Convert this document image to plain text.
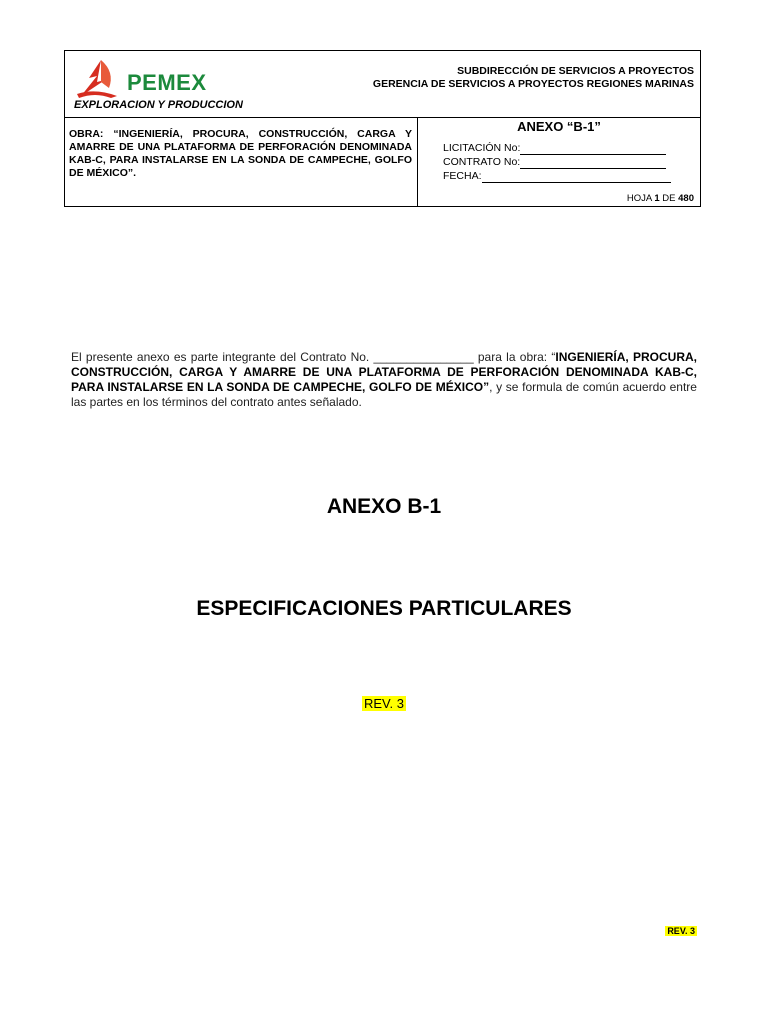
PEMEX
EXPLORACION Y PRODUCCION
SUBDIRECCIÓN DE SERVICIOS A PROYECTOS
GERENCIA DE SERVICIOS A PROYECTOS REGIONES MARINAS
OBRA: “INGENIERÍA, PROCURA, CONSTRUCCIÓN, CARGA Y AMARRE DE UNA PLATAFORMA DE PERFORACIÓN DENOMINADA KAB-C, PARA INSTALARSE EN LA SONDA DE CAMPECHE, GOLFO DE MÉXICO”.
ANEXO “B-1”
LICITACIÓN No:
CONTRATO No:
FECHA:
HOJA 1 DE 480
El presente anexo es parte integrante del Contrato No. _______________ para la obra: “INGENIERÍA, PROCURA, CONSTRUCCIÓN, CARGA Y AMARRE DE UNA PLATAFORMA DE PERFORACIÓN DENOMINADA KAB-C, PARA INSTALARSE EN LA SONDA DE CAMPECHE, GOLFO DE MÉXICO”, y se formula de común acuerdo entre las partes en los términos del contrato antes señalado.
ANEXO B-1
ESPECIFICACIONES PARTICULARES
REV. 3
REV. 3
